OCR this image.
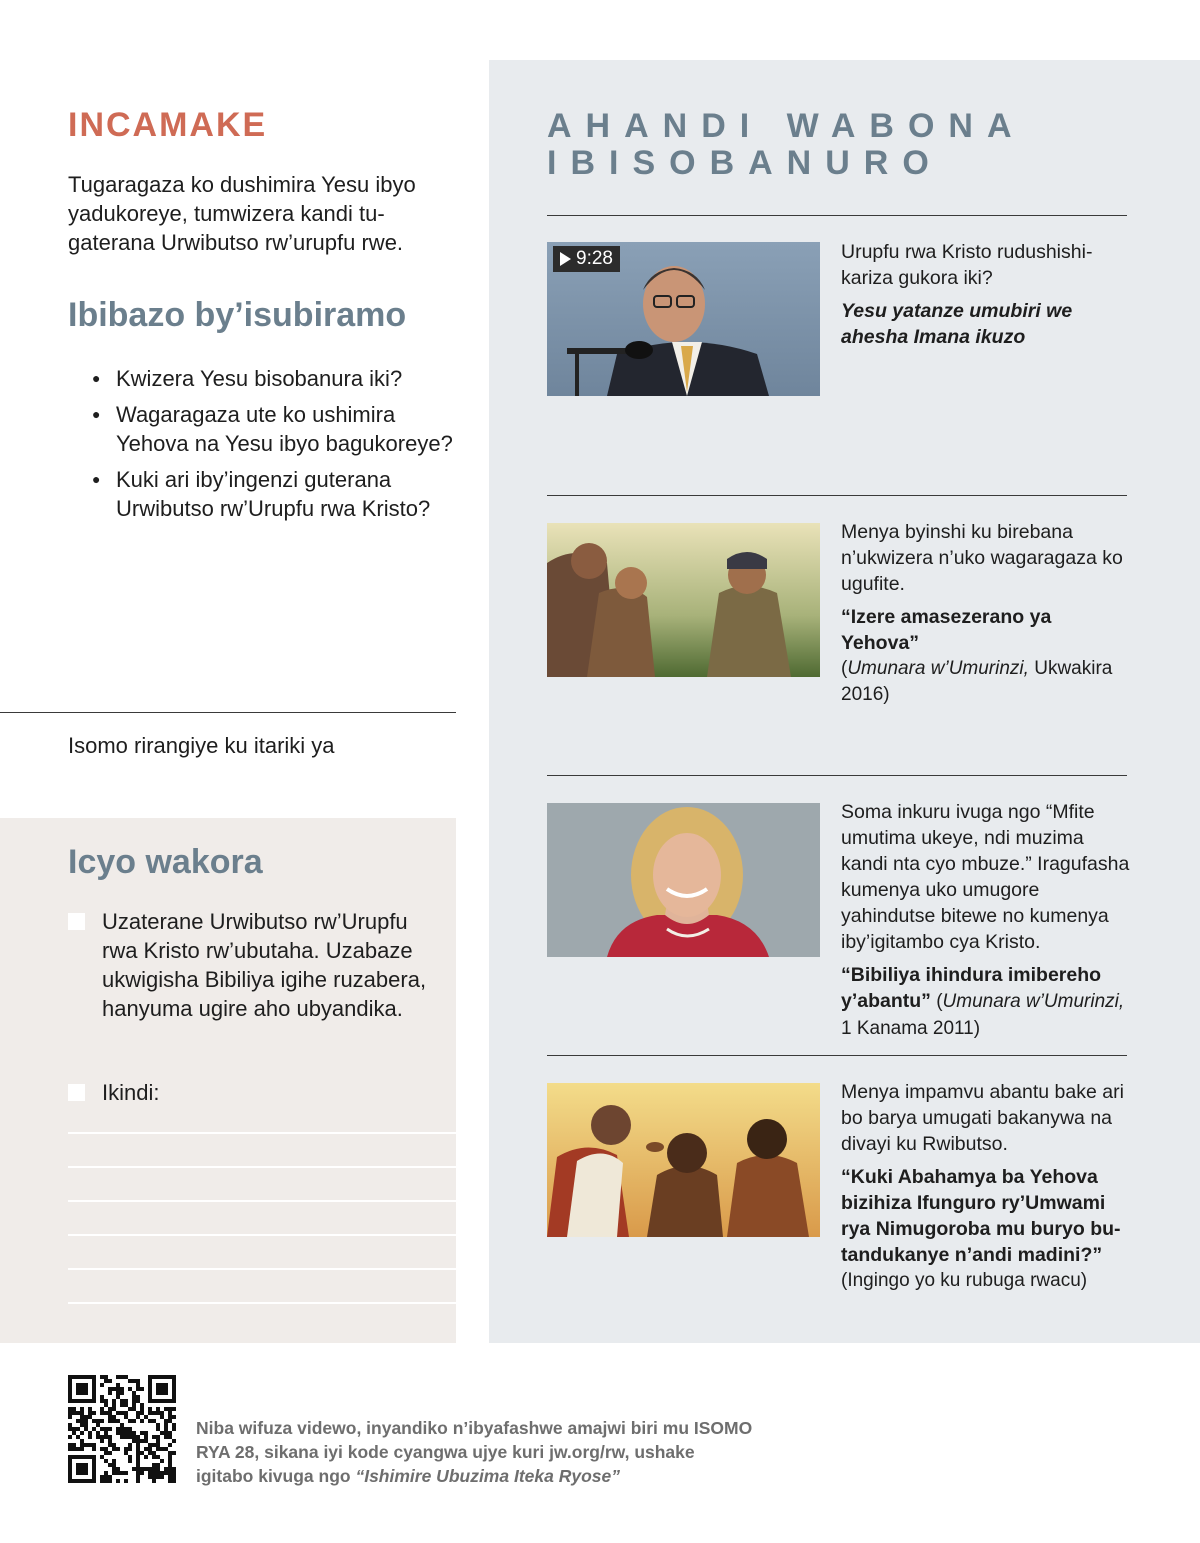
INCAMAKE

Tugaragaza ko dushimira Yesu ibyo yadukoreye, tumwizera kandi tugaterana Urwibutso rw’urupfu rwe.

Ibibazo by’isubiramo
● Kwizera Yesu bisobanura iki?
● Wagaragaza ute ko ushimira Yehova na Yesu ibyo bagukoreye?
● Kuki ari iby’ingenzi guterana Urwibutso rw’Urupfu rwa Kristo?

Isomo rirangiye ku itariki ya

Icyo wakora

Uzaterane Urwibutso rw’Urupfu rwa Kristo rw’ubutaha. Uzabaze ukwigisha Bibiliya igihe ruzabera, hanyuma ugire aho ubyandika.

Ikindi:

AHANDI WABONA IBISOBANURO
9:28	Urupfu rwa Kristo rudushishikariza gukora iki?

Yesu yatanze umubiri we ahesha Imana ikuzo

Menya byinshi ku birebana n’ukwizera n’uko wagaragaza ko ugufite.

“Izere amasezerano ya Yehova”

(Umunara w’Umurinzi, Ukwakira 2016)

Soma inkuru ivuga ngo “Mfite umutima ukeye, ndi muzima kandi nta cyo mbuze.” Iragufasha kumenya uko umugore yahindutse bitewe no kumenya iby’igitambo cya Kristo.

“Bibiliya ihindura imibereho y’abantu” (Umunara w’Umurinzi, 1 Kanama 2011)

Menya impamvu abantu bake ari bo barya umugati bakanywa na divayi ku Rwibutso.

“Kuki Abahamya ba Yehova bizihiza Ifunguro ry’Umwami rya Nimugoroba mu buryo butandukanye n’andi madini?”

(Ingingo yo ku rubuga rwacu)

Niba wifuza videwo, inyandiko n’ibyafashwe amajwi biri mu ISOMO RYA 28, sikana iyi kode cyangwa ujye kuri jw.org/rw, ushake igitabo kivuga ngo “Ishimire Ubuzima Iteka Ryose”
